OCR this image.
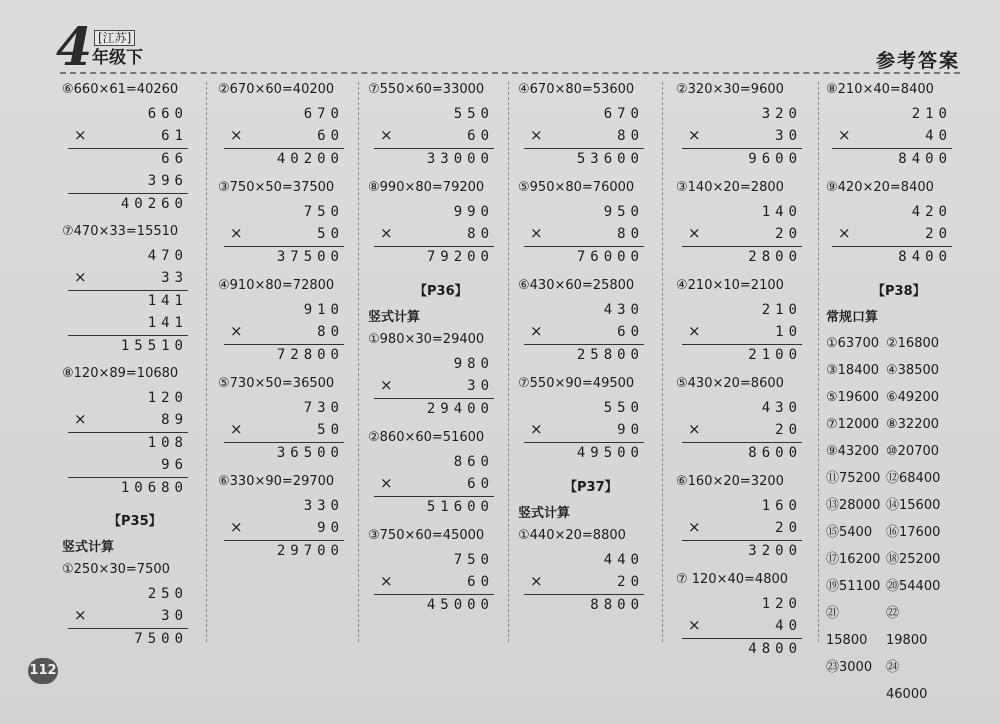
4 [江苏]
年级下	参考答案
⑥660×61=40260
660
×	61
66
396
40260
⑦470×33=15510
470
×	33
141
141
15510
⑧120×89=10680
120
×	89
108
96
10680
【P35】
竖式计算
①250×30=7500
250
×	30
7500
②670×60=40200
670
×	60
40200
③750×50=37500
750
×	50
37500
④910×80=72800
910
×	80
72800
⑤730×50=36500
730
×	50
36500
⑥330×90=29700
330
×	90
29700
⑦550×60=33000
550
×	60
33000
⑧990×80=79200
990
×	80
79200
【P36】
竖式计算
①980×30=29400
980
×	30
29400
②860×60=51600
860
×	60
51600
③750×60=45000
750
×	60
45000
④670×80=53600
670
×	80
53600
⑤950×80=76000
950
×	80
76000
⑥430×60=25800
430
×	60
25800
⑦550×90=49500
550
×	90
49500
【P37】
竖式计算
①440×20=8800
440
×	20
8800
②320×30=9600
320
×	30
9600
③140×20=2800
140
×	20
2800
④210×10=2100
210
×	10
2100
⑤430×20=8600
430
×	20
8600
⑥160×20=3200
160
×	20
3200
⑦ 120×40=4800
120
×	40
4800
⑧210×40=8400
210
×	40
8400
⑨420×20=8400
420
×	20
8400
【P38】
常规口算
①63700 ②16800
③18400 ④38500
⑤19600 ⑥49200
⑦12000 ⑧32200
⑨43200 ⑩20700
⑪75200 ⑫68400
⑬28000 ⑭15600
⑮5400	⑯17600
⑰16200 ⑱25200
⑲51100 ⑳54400
㉑15800
㉒19800
㉓3000	㉔46000
112
